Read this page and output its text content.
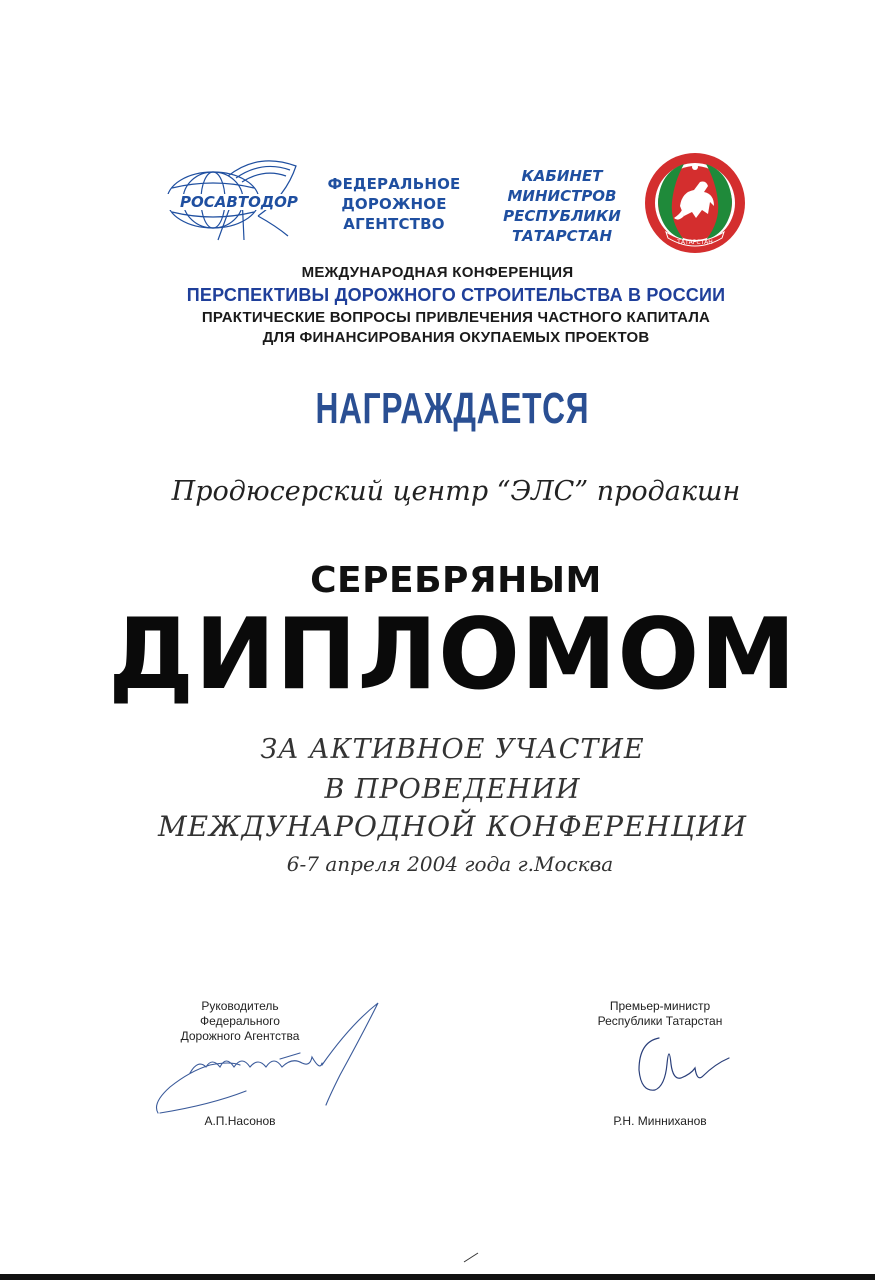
РОСАВТОДОР
ФЕДЕРАЛЬНОЕ
ДОРОЖНОЕ
АГЕНТСТВО
КАБИНЕТ
МИНИСТРОВ
РЕСПУБЛИКИ
ТАТАРСТАН	ТАТАРСТАН
МЕЖДУНАРОДНАЯ КОНФЕРЕНЦИЯ
ПЕРСПЕКТИВЫ ДОРОЖНОГО СТРОИТЕЛЬСТВА В РОССИИ
ПРАКТИЧЕСКИЕ ВОПРОСЫ ПРИВЛЕЧЕНИЯ ЧАСТНОГО КАПИТАЛА
ДЛЯ ФИНАНСИРОВАНИЯ ОКУПАЕМЫХ ПРОЕКТОВ
НАГРАЖДАЕТСЯ
Продюсерский центр “ЭЛС” продакшн
СЕРЕБРЯНЫМ
ДИПЛОМОМ
ЗА АКТИВНОЕ УЧАСТИЕ
В ПРОВЕДЕНИИ
МЕЖДУНАРОДНОЙ КОНФЕРЕНЦИИ
6-7 апреля 2004 года г.Москва
Руководитель
Федерального
Дорожного Агентства
А.П.Насонов
Премьер-министр
Республики Татарстан
Р.Н. Минниханов
